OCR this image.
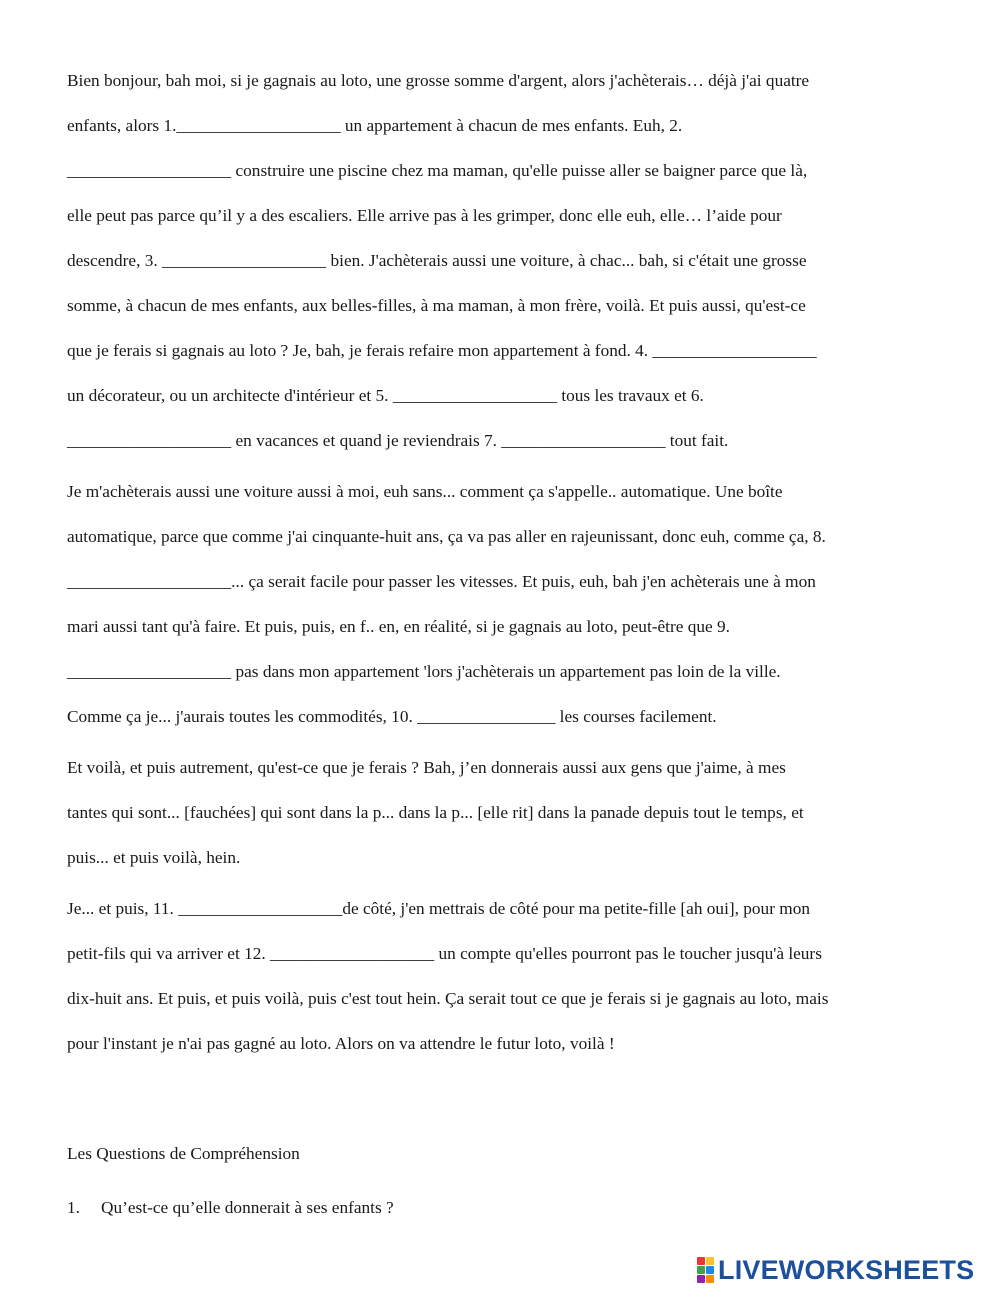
Bien bonjour, bah moi, si je gagnais au loto, une grosse somme d'argent, alors j'achèterais… déjà j'ai quatre enfants, alors 1.___________________ un appartement à chacun de mes enfants. Euh, 2. ___________________ construire une piscine chez ma maman, qu'elle puisse aller se baigner parce que là, elle peut pas parce qu’il y a des escaliers. Elle arrive pas à les grimper, donc elle euh, elle… l’aide pour descendre, 3. ___________________ bien. J'achèterais aussi une voiture, à chac... bah, si c'était une grosse somme, à chacun de mes enfants, aux belles-filles, à ma maman, à mon frère, voilà. Et puis aussi, qu'est-ce que je ferais si gagnais au loto ? Je, bah, je ferais refaire mon appartement à fond. 4. ___________________ un décorateur, ou un architecte d'intérieur et 5. ___________________ tous les travaux et 6. ___________________ en vacances et quand je reviendrais 7. ___________________ tout fait.
Je m'achèterais aussi une voiture aussi à moi, euh sans... comment ça s'appelle.. automatique. Une boîte automatique, parce que comme j'ai cinquante-huit ans, ça va pas aller en rajeunissant, donc euh, comme ça, 8. ___________________... ça serait facile pour passer les vitesses. Et puis, euh, bah j'en achèterais une à mon mari aussi tant qu'à faire. Et puis, puis, en f.. en, en réalité, si je gagnais au loto, peut-être que 9. ___________________ pas dans mon appartement 'lors j'achèterais un appartement pas loin de la ville. Comme ça je... j'aurais toutes les commodités, 10. ________________ les courses facilement.
Et voilà, et puis autrement, qu'est-ce que je ferais ? Bah, j’en donnerais aussi aux gens que j'aime, à mes tantes qui sont... [fauchées] qui sont dans la p... dans la p... [elle rit] dans la panade depuis tout le temps, et puis... et puis voilà, hein.
Je... et puis, 11. ___________________de côté, j'en mettrais de côté pour ma petite-fille [ah oui], pour mon petit-fils qui va arriver et 12. ___________________ un compte qu'elles pourront pas le toucher jusqu'à leurs dix-huit ans. Et puis, et puis voilà, puis c'est tout hein. Ça serait tout ce que je ferais si je gagnais au loto, mais pour l'instant je n'ai pas gagné au loto. Alors on va attendre le futur loto, voilà !
Les Questions de Compréhension
1. Qu’est-ce qu’elle donnerait à ses enfants ?
LIVEWORKSHEETS
